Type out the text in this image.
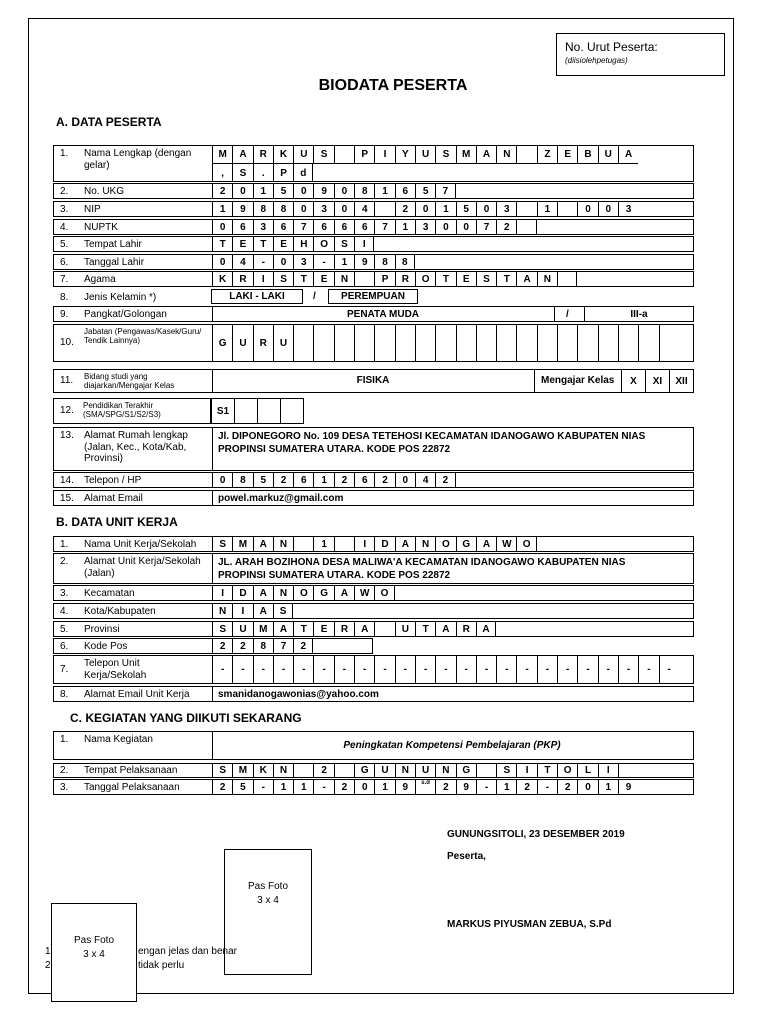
No. Urut Peserta:
(diisiolehpetugas)
BIODATA PESERTA
A. DATA PESERTA
1. Nama Lengkap (dengan gelar)
M	A	R	K	U	S	P	I	Y	U	S	M	A	N	Z	E	B	U	A
,	S	.	P	d
2. No. UKG	2	0	1	5	0	9	0	8	1	6	5	7
3. NIP	1	9	8	8	0	3	0	4	2	0	1	5	0	3	1	0	0	3
4. NUPTK	0	6	3	6	7	6	6	6	7	1	3	0	0	7	2
5. Tempat Lahir	T	E	T	E	H	O	S	I
6. Tanggal Lahir	0	4	-	0	3	-	1	9	8	8
7. Agama	K	R	I	S	T	E	N	P	R	O	T	E	S	T	A	N
8. Jenis Kelamin *)	LAKI - LAKI	/	PEREMPUAN
9. Pangkat/Golongan	PENATA MUDA	/	III-a
10.
Jabatan (Pengawas/Kasek/Guru/ Tendik Lainnya)	G	U	R	U
11. Bidang studi yang diajarkan/Mengajar Kelas	FISIKA	Mengajar Kelas	X	XI	XII
12. Pendidikan Terakhir (SMA/SPG/S1/S2/S3)	S1
13. Alamat Rumah lengkap (Jalan, Kec., Kota/Kab, Provinsi)
Jl. DIPONEGORO No. 109 DESA TETEHOSI KECAMATAN IDANOGAWO KABUPATEN NIAS
PROPINSI SUMATERA UTARA. KODE POS 22872
14. Telepon / HP	0	8	5	2	6	1	2	6	2	0	4	2
15. Alamat Email	powel.markuz@gmail.com
B. DATA UNIT KERJA
1. Nama Unit Kerja/Sekolah	S	M	A	N	1	I	D	A	N	O	G	A	W	O
2. Alamat Unit Kerja/Sekolah (Jalan)
JL. ARAH BOZIHONA DESA MALIWA'A KECAMATAN IDANOGAWO KABUPATEN NIAS
PROPINSI SUMATERA UTARA. KODE POS 22872
3. Kecamatan	I	D	A	N	O	G	A	W	O
4. Kota/Kabupaten	N	I	A	S
5. Provinsi	S	U	M	A	T	E	R	A	U	T	A	R	A
6. Kode Pos	2	2	8	7	2
7.
Telepon Unit Kerja/Sekolah	-	-	-	-	-	-	-	-	-	-	-	-	-	-	-	-	-	-	-	-	-	-	-
8. Alamat Email Unit Kerja	smanidanogawonias@yahoo.com
C. KEGIATAN YANG DIIKUTI SEKARANG
1. Nama Kegiatan
Peningkatan Kompetensi Pembelajaran (PKP)
2. Tempat Pelaksanaan	S	M	K	N	2	G	U	N	U	N	G	S	I	T	O	L	I
3. Tanggal Pelaksanaan	2	5	-	1	1	-	2	0	1	9	s.d	2	9	-	1	2	-	2	0	1	9
GUNUNGSITOLI, 23 DESEMBER 2019
Peserta,
MARKUS PIYUSMAN ZEBUA, S.Pd
Pas Foto
3 x 4
1	engan jelas dan benar
2	tidak perlu
Pas Foto
3 x 4
